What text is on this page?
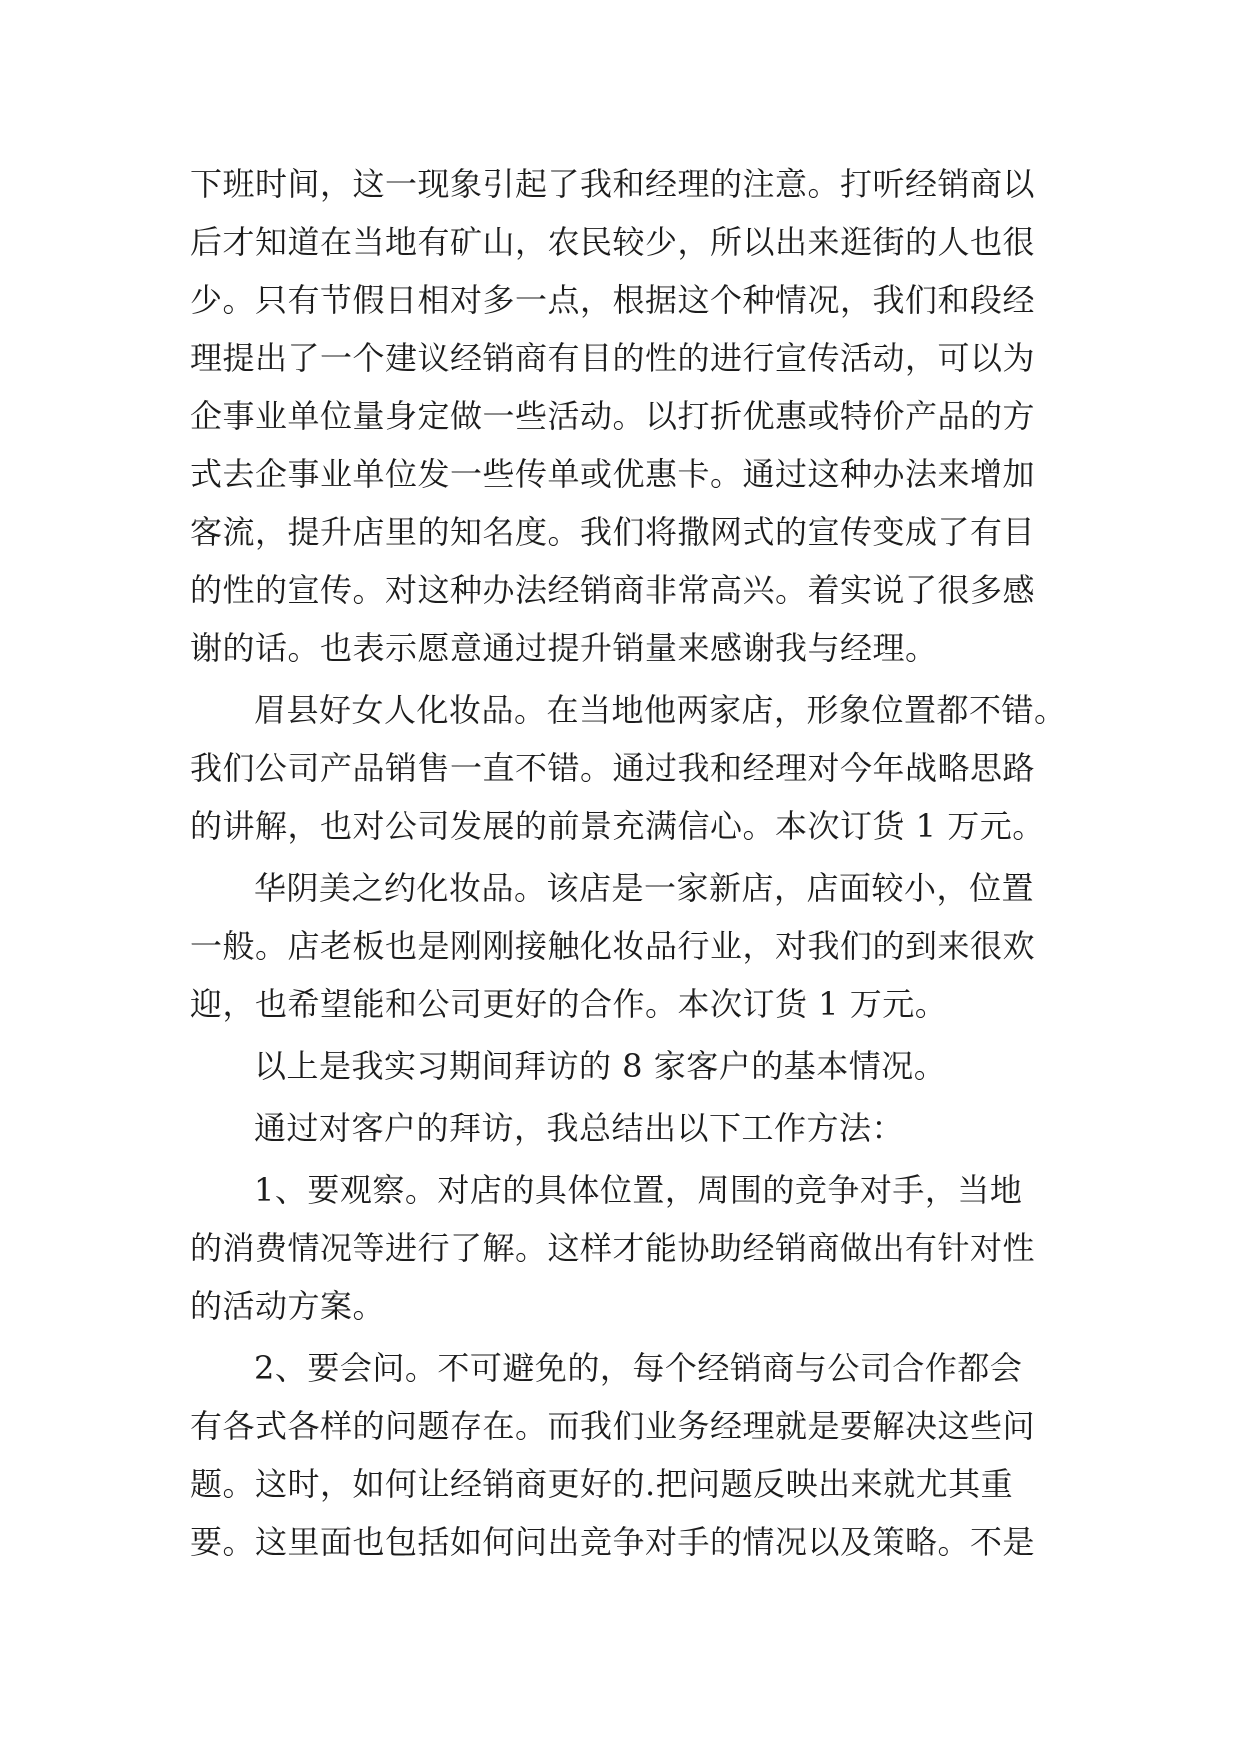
下班时间，这一现象引起了我和经理的注意。打听经销商以
后才知道在当地有矿山，农民较少，所以出来逛街的人也很
少。只有节假日相对多一点，根据这个种情况，我们和段经
理提出了一个建议经销商有目的性的进行宣传活动，可以为
企事业单位量身定做一些活动。以打折优惠或特价产品的方
式去企事业单位发一些传单或优惠卡。通过这种办法来增加
客流，提升店里的知名度。我们将撒网式的宣传变成了有目
的性的宣传。对这种办法经销商非常高兴。着实说了很多感
谢的话。也表示愿意通过提升销量来感谢我与经理。
眉县好女人化妆品。在当地他两家店，形象位置都不错。
我们公司产品销售一直不错。通过我和经理对今年战略思路
的讲解，也对公司发展的前景充满信心。本次订货 1 万元。
华阴美之约化妆品。该店是一家新店，店面较小，位置
一般。店老板也是刚刚接触化妆品行业，对我们的到来很欢
迎，也希望能和公司更好的合作。本次订货 1 万元。
以上是我实习期间拜访的 8 家客户的基本情况。
通过对客户的拜访，我总结出以下工作方法：
1、要观察。对店的具体位置，周围的竞争对手，当地
的消费情况等进行了解。这样才能协助经销商做出有针对性
的活动方案。
2、要会问。不可避免的，每个经销商与公司合作都会
有各式各样的问题存在。而我们业务经理就是要解决这些问
题。这时，如何让经销商更好的.把问题反映出来就尤其重
要。这里面也包括如何问出竞争对手的情况以及策略。不是
